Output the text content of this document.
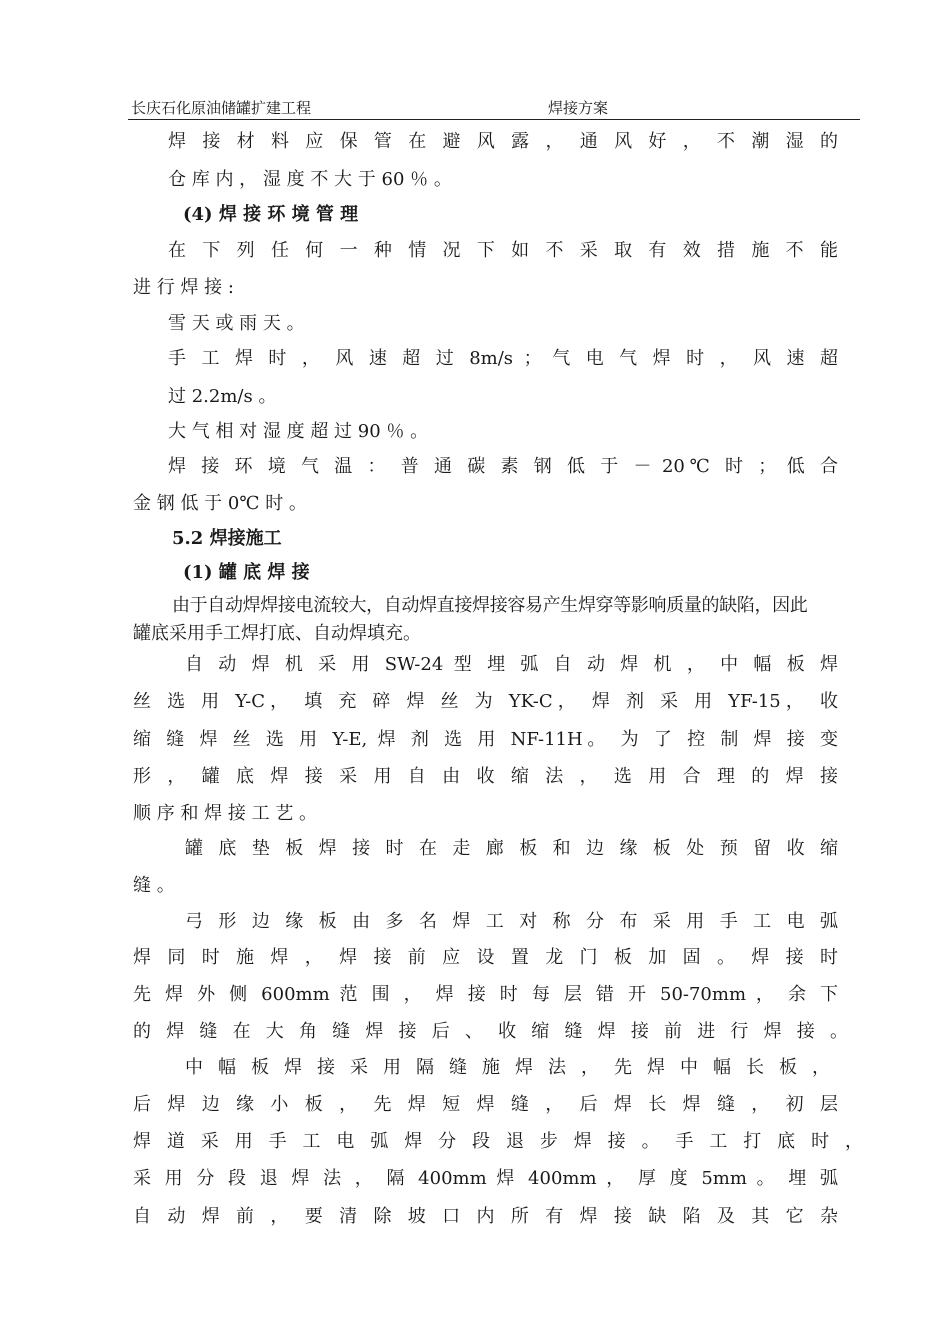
长庆石化原油储罐扩建工程	焊接方案
焊 接 材 料 应 保 管 在 避 风 露 ， 通 风 好 ， 不 潮 湿 的
仓 库 内 ， 湿 度 不 大 于 60 ％ 。
(4) 焊 接 环 境 管 理
在 下 列 任 何 一 种 情 况 下 如 不 采 取 有 效 措 施 不 能
进 行 焊 接 :
雪 天 或 雨 天 。
手 工 焊 时 ， 风 速 超 过 8m/s ； 气 电 气 焊 时 ， 风 速 超
过 2.2m/s 。
大 气 相 对 湿 度 超 过 90 ％ 。
焊 接 环 境 气 温 ： 普 通 碳 素 钢 低 于 － 20℃ 时 ； 低 合
金 钢 低 于 0℃ 时 。
5.2 焊接施工
(1) 罐 底 焊 接
由于自动焊焊接电流较大，自动焊直接焊接容易产生焊穿等影响质量的缺陷，因此
罐底采用手工焊打底、自动焊填充。
自 动 焊 机 采 用 SW-24 型 埋 弧 自 动 焊 机 ， 中 幅 板 焊
丝 选 用 Y-C， 填 充 碎 焊 丝 为 YK-C， 焊 剂 采 用 YF-15， 收
缩 缝 焊 丝 选 用 Y-E, 焊 剂 选 用 NF-11H。 为 了 控 制 焊 接 变
形 ， 罐 底 焊 接 采 用 自 由 收 缩 法 ， 选 用 合 理 的 焊 接
顺 序 和 焊 接 工 艺 。
罐 底 垫 板 焊 接 时 在 走 廊 板 和 边 缘 板 处 预 留 收 缩
缝 。
弓 形 边 缘 板 由 多 名 焊 工 对 称 分 布 采 用 手 工 电 弧
焊 同 时 施 焊 ， 焊 接 前 应 设 置 龙 门 板 加 固 。 焊 接 时
先 焊 外 侧 600mm 范 围 ， 焊 接 时 每 层 错 开 50-70mm ， 余 下
的 焊 缝 在 大 角 缝 焊 接 后 、 收 缩 缝 焊 接 前 进 行 焊 接 。
中 幅 板 焊 接 采 用 隔 缝 施 焊 法 ， 先 焊 中 幅 长 板 ，
后 焊 边 缘 小 板 ， 先 焊 短 焊 缝 ， 后 焊 长 焊 缝 ， 初 层
焊 道 采 用 手 工 电 弧 焊 分 段 退 步 焊 接 。 手 工 打 底 时 ，
采 用 分 段 退 焊 法 ， 隔 400mm 焊 400mm ， 厚 度 5mm 。 埋 弧
自 动 焊 前 ， 要 清 除 坡 口 内 所 有 焊 接 缺 陷 及 其 它 杂
